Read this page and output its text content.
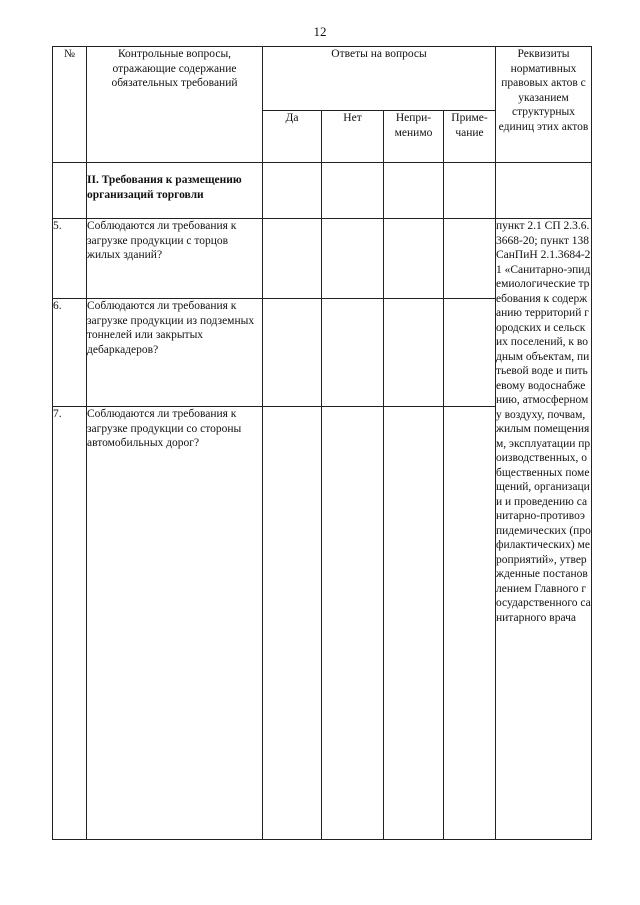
12
№	Контрольные вопросы, отражающие содержание обязательных требований	Ответы на вопросы				Реквизиты нормативных правовых актов с указанием структурных единиц этих актов
		Да	Нет	Непри-менимо	Приме-чание	
	II. Требования к размещению организаций торговли					
5.	Соблюдаются ли требования к загрузке продукции с торцов жилых зданий?					пункт 2.1 СП 2.3.6.3668-20; пункт 138 СанПиН 2.1.3684-21 «Санитарно-эпидемиологические требования к содержанию территорий городских и сельских поселений, к водным объектам, питьевой воде и питьевому водоснабжению, атмосферному воздуху, почвам, жилым помещениям, эксплуатации производственных, общественных помещений, организации и проведению санитарно-противоэпидемических (профилактических) мероприятий», утвержденные постановлением Главного государственного санитарного врача
6.	Соблюдаются ли требования к загрузке продукции из подземных тоннелей или закрытых дебаркадеров?					
7.	Соблюдаются ли требования к загрузке продукции со стороны автомобильных дорог?					
